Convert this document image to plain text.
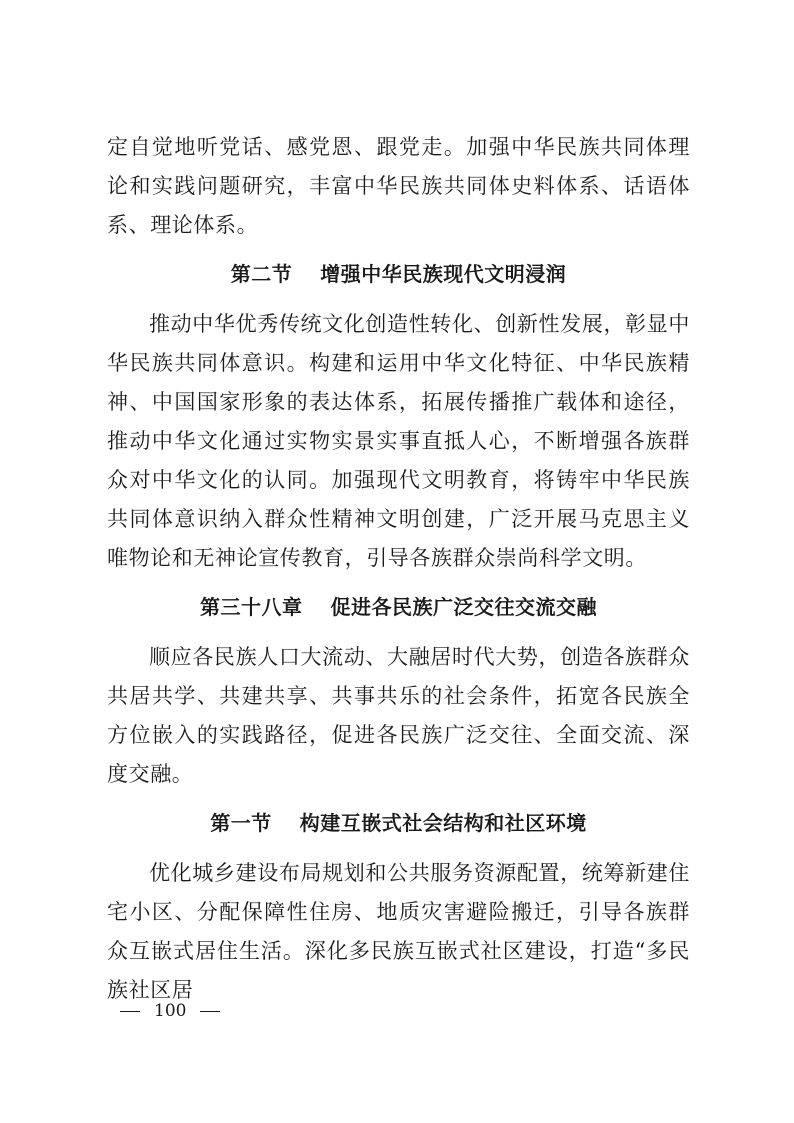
定自觉地听党话、感党恩、跟党走。加强中华民族共同体理论和实践问题研究，丰富中华民族共同体史料体系、话语体系、理论体系。

第二节 增强中华民族现代文明浸润

推动中华优秀传统文化创造性转化、创新性发展，彰显中华民族共同体意识。构建和运用中华文化特征、中华民族精神、中国国家形象的表达体系，拓展传播推广载体和途径，推动中华文化通过实物实景实事直抵人心，不断增强各族群众对中华文化的认同。加强现代文明教育，将铸牢中华民族共同体意识纳入群众性精神文明创建，广泛开展马克思主义唯物论和无神论宣传教育，引导各族群众崇尚科学文明。

第三十八章 促进各民族广泛交往交流交融

顺应各民族人口大流动、大融居时代大势，创造各族群众共居共学、共建共享、共事共乐的社会条件，拓宽各民族全方位嵌入的实践路径，促进各民族广泛交往、全面交流、深度交融。

第一节 构建互嵌式社会结构和社区环境

优化城乡建设布局规划和公共服务资源配置，统筹新建住宅小区、分配保障性住房、地质灾害避险搬迁，引导各族群众互嵌式居住生活。深化多民族互嵌式社区建设，打造“多民族社区居

100
